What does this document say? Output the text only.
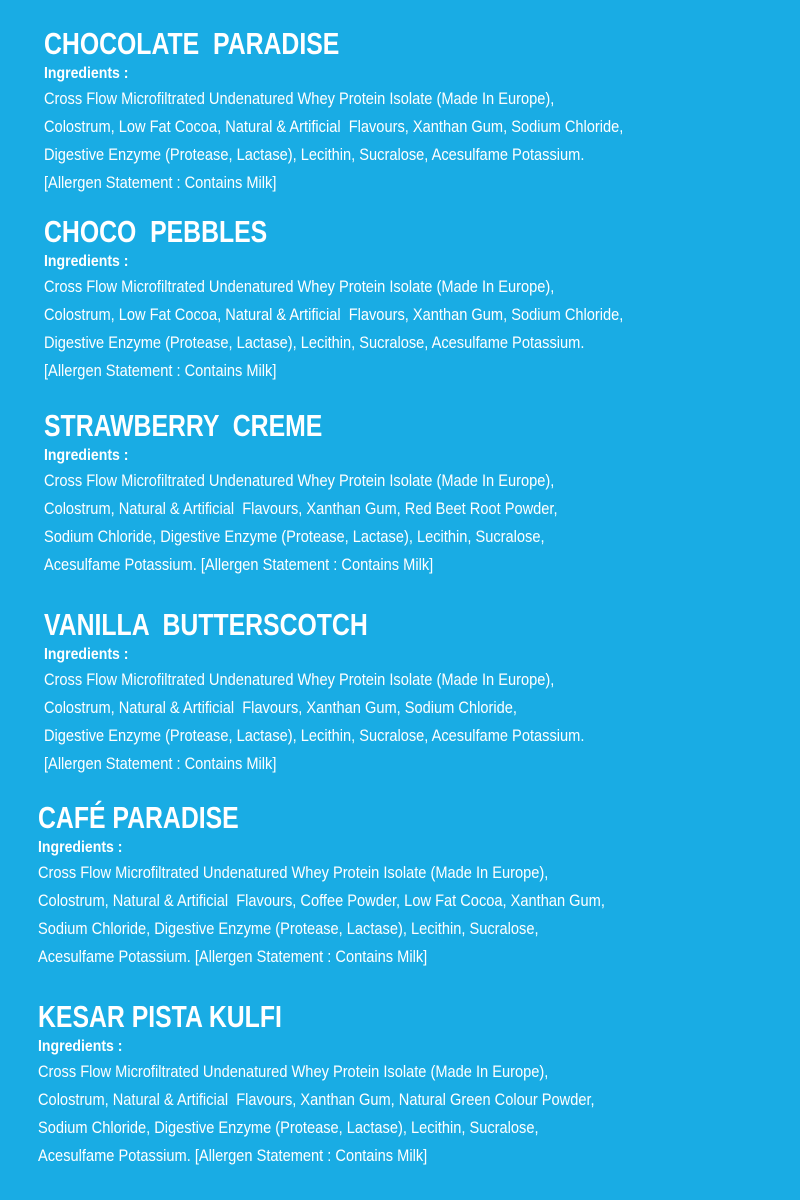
CHOCOLATE  PARADISE
Ingredients :
Cross Flow Microfiltrated Undenatured Whey Protein Isolate (Made In Europe),
Colostrum, Low Fat Cocoa, Natural & Artificial  Flavours, Xanthan Gum, Sodium Chloride,
Digestive Enzyme (Protease, Lactase), Lecithin, Sucralose, Acesulfame Potassium.
[Allergen Statement : Contains Milk]
CHOCO  PEBBLES
Ingredients :
Cross Flow Microfiltrated Undenatured Whey Protein Isolate (Made In Europe),
Colostrum, Low Fat Cocoa, Natural & Artificial  Flavours, Xanthan Gum, Sodium Chloride,
Digestive Enzyme (Protease, Lactase), Lecithin, Sucralose, Acesulfame Potassium.
[Allergen Statement : Contains Milk]
STRAWBERRY  CREME
Ingredients :
Cross Flow Microfiltrated Undenatured Whey Protein Isolate (Made In Europe),
Colostrum, Natural & Artificial  Flavours, Xanthan Gum, Red Beet Root Powder,
Sodium Chloride, Digestive Enzyme (Protease, Lactase), Lecithin, Sucralose,
Acesulfame Potassium. [Allergen Statement : Contains Milk]
VANILLA  BUTTERSCOTCH
Ingredients :
Cross Flow Microfiltrated Undenatured Whey Protein Isolate (Made In Europe),
Colostrum, Natural & Artificial  Flavours, Xanthan Gum, Sodium Chloride,
Digestive Enzyme (Protease, Lactase), Lecithin, Sucralose, Acesulfame Potassium.
[Allergen Statement : Contains Milk]
CAFÉ PARADISE
Ingredients :
Cross Flow Microfiltrated Undenatured Whey Protein Isolate (Made In Europe),
Colostrum, Natural & Artificial  Flavours, Coffee Powder, Low Fat Cocoa, Xanthan Gum,
Sodium Chloride, Digestive Enzyme (Protease, Lactase), Lecithin, Sucralose,
Acesulfame Potassium. [Allergen Statement : Contains Milk]
KESAR PISTA KULFI
Ingredients :
Cross Flow Microfiltrated Undenatured Whey Protein Isolate (Made In Europe),
Colostrum, Natural & Artificial  Flavours, Xanthan Gum, Natural Green Colour Powder,
Sodium Chloride, Digestive Enzyme (Protease, Lactase), Lecithin, Sucralose,
Acesulfame Potassium. [Allergen Statement : Contains Milk]
